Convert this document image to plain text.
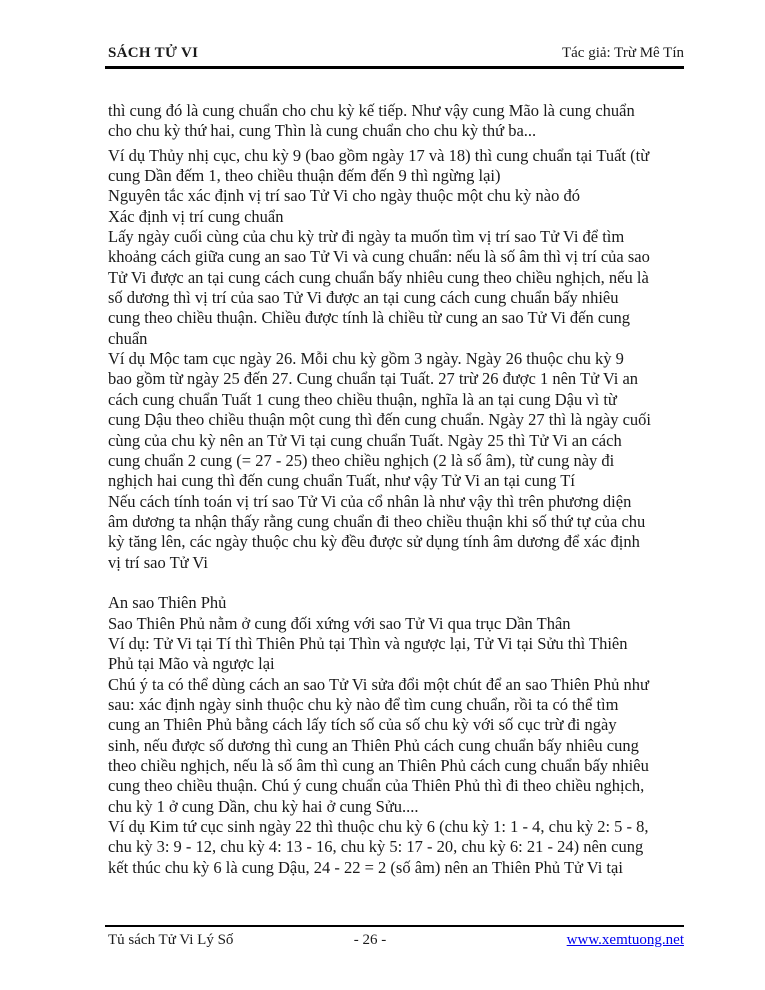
SÁCH TỬ VI	Tác giả: Trừ Mê Tín
thì cung đó là cung chuẩn cho chu kỳ kế tiếp. Như vậy cung Mão là cung chuẩn
cho chu kỳ thứ hai, cung Thìn là cung chuẩn cho chu kỳ thứ ba...
Ví dụ Thủy nhị cục, chu kỳ 9 (bao gồm ngày 17 và 18) thì cung chuẩn tại Tuất (từ
cung Dần đếm 1, theo chiều thuận đếm đến 9 thì ngừng lại)
Nguyên tắc xác định vị trí sao Tử Vi cho ngày thuộc một chu kỳ nào đó
Xác định vị trí cung chuẩn
Lấy ngày cuối cùng của chu kỳ trừ đi ngày ta muốn tìm vị trí sao Tử Vi để tìm
khoảng cách giữa cung an sao Tử Vi và cung chuẩn: nếu là số âm thì vị trí của sao
Tử Vi được an tại cung cách cung chuẩn bấy nhiêu cung theo chiều nghịch, nếu là
số dương thì vị trí của sao Tử Vi được an tại cung cách cung chuẩn bấy nhiêu
cung theo chiều thuận. Chiều được tính là chiều từ cung an sao Tử Vi đến cung
chuẩn
Ví dụ Mộc tam cục ngày 26. Mỗi chu kỳ gồm 3 ngày. Ngày 26 thuộc chu kỳ 9
bao gồm từ ngày 25 đến 27. Cung chuẩn tại Tuất. 27 trừ 26 được 1 nên Tử Vi an
cách cung chuẩn Tuất 1 cung theo chiều thuận, nghĩa là an tại cung Dậu vì từ
cung Dậu theo chiều thuận một cung thì đến cung chuẩn. Ngày 27 thì là ngày cuối
cùng của chu kỳ nên an Tử Vi tại cung chuẩn Tuất. Ngày 25 thì Tử Vi an cách
cung chuẩn 2 cung (= 27 - 25) theo chiều nghịch (2 là số âm), từ cung này đi
nghịch hai cung thì đến cung chuẩn Tuất, như vậy Tử Vi an tại cung Tí
Nếu cách tính toán vị trí sao Tử Vi của cổ nhân là như vậy thì trên phương diện
âm dương ta nhận thấy rằng cung chuẩn đi theo chiều thuận khi số thứ tự của chu
kỳ tăng lên, các ngày thuộc chu kỳ đều được sử dụng tính âm dương để xác định
vị trí sao Tử Vi
An sao Thiên Phủ
Sao Thiên Phủ nằm ở cung đối xứng với sao Tử Vi qua trục Dần Thân
Ví dụ: Tử Vi tại Tí thì Thiên Phủ tại Thìn và ngược lại, Tử Vi tại Sửu thì Thiên
Phủ tại Mão và ngược lại
Chú ý ta có thể dùng cách an sao Tử Vi sửa đổi một chút để an sao Thiên Phủ như
sau: xác định ngày sinh thuộc chu kỳ nào để tìm cung chuẩn, rồi ta có thể tìm
cung an Thiên Phủ bằng cách lấy tích số của số chu kỳ với số cục trừ đi ngày
sinh, nếu được số dương thì cung an Thiên Phủ cách cung chuẩn bấy nhiêu cung
theo chiều nghịch, nếu là số âm thì cung an Thiên Phủ cách cung chuẩn bấy nhiêu
cung theo chiều thuận. Chú ý cung chuẩn của Thiên Phủ thì đi theo chiều nghịch,
chu kỳ 1 ở cung Dần, chu kỳ hai ở cung Sửu....
Ví dụ Kim tứ cục sinh ngày 22 thì thuộc chu kỳ 6 (chu kỳ 1: 1 - 4, chu kỳ 2: 5 - 8,
chu kỳ 3: 9 - 12, chu kỳ 4: 13 - 16, chu kỳ 5: 17 - 20, chu kỳ 6: 21 - 24) nên cung
kết thúc chu kỳ 6 là cung Dậu, 24 - 22 = 2 (số âm) nên an Thiên Phủ Tử Vi tại
Tủ sách Tử Vi Lý Số	- 26 -	www.xemtuong.net
